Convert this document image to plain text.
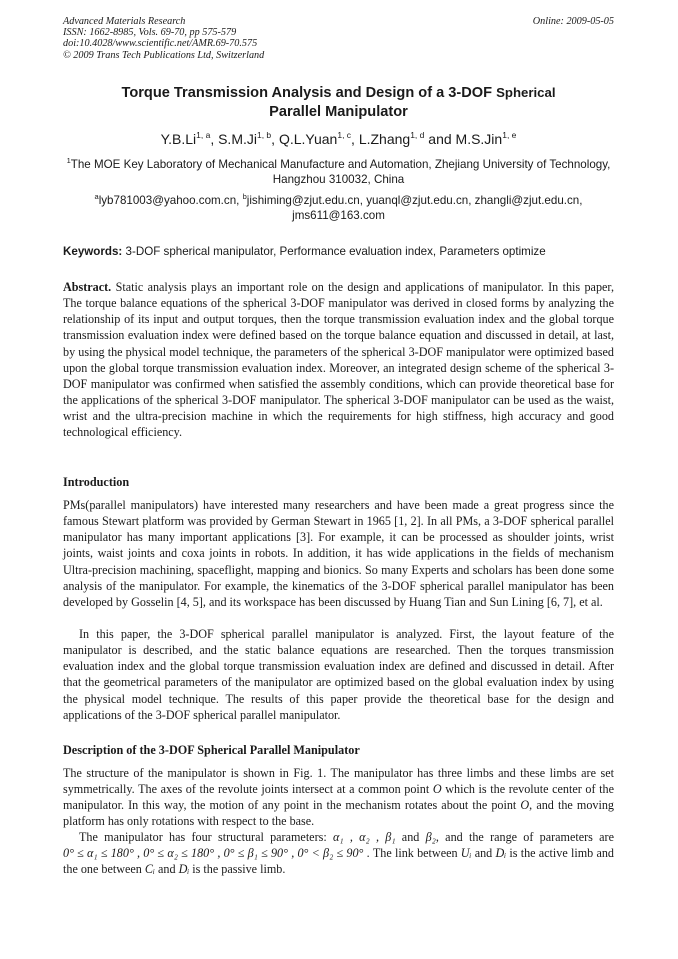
Advanced Materials Research
ISSN: 1662-8985, Vols. 69-70, pp 575-579
doi:10.4028/www.scientific.net/AMR.69-70.575
© 2009 Trans Tech Publications Ltd, Switzerland
Online: 2009-05-05
Torque Transmission Analysis and Design of a 3-DOF Spherical
Parallel Manipulator
Y.B.Li$^{1, a}$, S.M.Ji$^{1, b}$, Q.L.Yuan$^{1, c}$, L.Zhang$^{1, d}$ and M.S.Jin$^{1, e}$
$^1$The MOE Key Laboratory of Mechanical Manufacture and Automation, Zhejiang University of Technology, Hangzhou 310032, China
$^a$lyb781003@yahoo.com.cn, $^b$jishiming@zjut.edu.cn, yuanql@zjut.edu.cn, zhangli@zjut.edu.cn, jms611@163.com
Keywords: 3-DOF spherical manipulator, Performance evaluation index, Parameters optimize
Abstract. Static analysis plays an important role on the design and applications of manipulator. In this paper, The torque balance equations of the spherical 3-DOF manipulator was derived in closed forms by analyzing the relationship of its input and output torques, then the torque transmission evaluation index and the global torque transmission evaluation index were defined based on the torque balance equation and discussed in detail, at last, by using the physical model technique, the parameters of the spherical 3-DOF manipulator were optimized based upon the global torque transmission evaluation index. Moreover, an integrated design scheme of the spherical 3-DOF manipulator was confirmed when satisfied the assembly conditions, which can provide theoretical base for the applications of the spherical 3-DOF manipulator. The spherical 3-DOF manipulator can be used as the waist, wrist and the ultra-precision machine in which the requirements for high stiffness, high accuracy and good technological efficiency.
Introduction
PMs(parallel manipulators) have interested many researchers and have been made a great progress since the famous Stewart platform was provided by German Stewart in 1965 [1, 2]. In all PMs, a 3-DOF spherical parallel manipulator has many important applications [3]. For example, it can be processed as shoulder joints, wrist joints, waist joints and coxa joints in robots. In addition, it has wide applications in the fields of mechanism Ultra-precision machining, spaceflight, mapping and bionics. So many Experts and scholars has been done some analysis of the manipulator. For example, the kinematics of the 3-DOF spherical parallel manipulator has been developed by Gosselin [4, 5], and its workspace has been discussed by Huang Tian and Sun Lining [6, 7], et al.
In this paper, the 3-DOF spherical parallel manipulator is analyzed. First, the layout feature of the manipulator is described, and the static balance equations are researched. Then the torques transmission evaluation index and the global torque transmission evaluation index are defined and discussed in detail. After that the geometrical parameters of the manipulator are optimized based on the global evaluation index by using the physical model technique. The results of this paper provide the theoretical base for the design and applications of the 3-DOF spherical parallel manipulator.
Description of the 3-DOF Spherical Parallel Manipulator
The structure of the manipulator is shown in Fig. 1. The manipulator has three limbs and these limbs are set symmetrically. The axes of the revolute joints intersect at a common point O which is the revolute center of the manipulator. In this way, the motion of any point in the mechanism rotates about the point O, and the moving platform has only rotations with respect to the base.
The manipulator has four structural parameters: α₁ , α₂ , β₁ and β₂, and the range of parameters are 0° ≤ α₁ ≤ 180° , 0° ≤ α₂ ≤ 180° , 0° ≤ β₁ ≤ 90° , 0° < β₂ ≤ 90° . The link between Uᵢ and Dᵢ is the active limb and the one between Cᵢ and Dᵢ is the passive limb.
